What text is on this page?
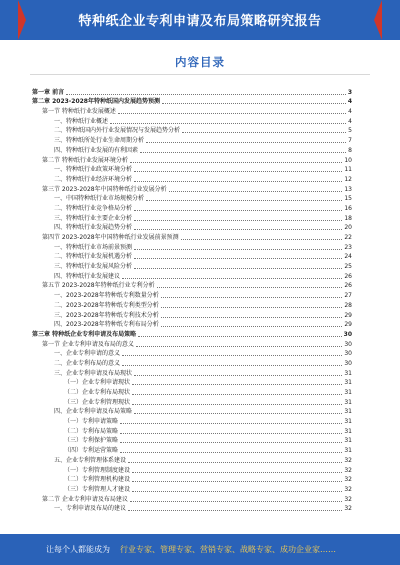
特种纸企业专利申请及布局策略研究报告
内容目录
第一章 前言	3
第二章 2023-2028年特种纸国内发展趋势预测	4
第一节 特种纸行业发展概述	4
一、特种纸行业概述	4
二、特种纸国内外行业发展情况与发展趋势分析	5
三、特种纸所处行业生命周期分析	7
四、特种纸行业发展的有利因素	8
第二节 特种纸行业发展环境分析	10
一、特种纸行业政策环境分析	11
二、特种纸行业经济环境分析	12
第三节 2023-2028年中国特种纸行业发展分析	13
一、中国特种纸行业市场规模分析	15
二、特种纸行业竞争格局分析	16
三、特种纸行业主要企业分析	18
四、特种纸行业发展趋势分析	20
第四节 2023-2028年中国特种纸行业发展前景预测	22
一、特种纸行业市场前景预测	23
二、特种纸行业发展机遇分析	24
三、特种纸行业发展风险分析	25
四、特种纸行业发展建议	26
第五节 2023-2028年特种纸行业专利分析	26
一、2023-2028年特种纸专利数量分析	27
二、2023-2028年特种纸专利类型分析	28
三、2023-2028年特种纸专利技术分析	29
四、2023-2028年特种纸专利布局分析	29
第三章 特种纸企业专利申请及布局策略	30
第一节 企业专利申请及布局的意义	30
一、企业专利申请的意义	30
二、企业专利布局的意义	30
三、企业专利申请及布局现状	31
（一）企业专利申请现状	31
（二）企业专利布局现状	31
（三）企业专利管理现状	31
四、企业专利申请及布局策略	31
（一）专利申请策略	31
（二）专利布局策略	31
（三）专利保护策略	31
（四）专利运营策略	31
五、企业专利管理体系建设	32
（一）专利管理制度建设	32
（二）专利管理机构建设	32
（三）专利管理人才建设	32
第二节 企业专利申请及布局建议	32
一、专利申请及布局的建议	32
让每个人都能成为	行业专家、管理专家、营销专家、战略专家、成功企业家……
